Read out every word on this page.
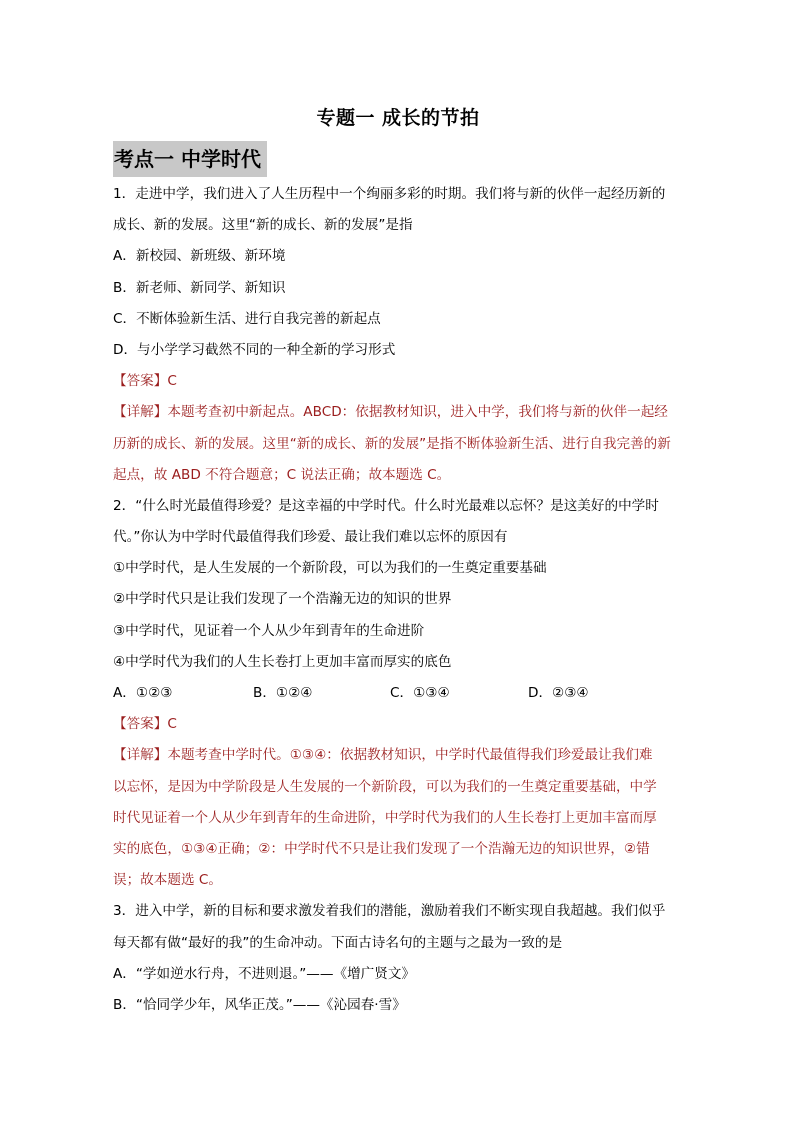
专题一 成长的节拍
考点一 中学时代
1．走进中学，我们进入了人生历程中一个绚丽多彩的时期。我们将与新的伙伴一起经历新的
成长、新的发展。这里“新的成长、新的发展”是指
A．新校园、新班级、新环境
B．新老师、新同学、新知识
C．不断体验新生活、进行自我完善的新起点
D．与小学学习截然不同的一种全新的学习形式
【答案】C
【详解】本题考查初中新起点。ABCD：依据教材知识，进入中学，我们将与新的伙伴一起经
历新的成长、新的发展。这里“新的成长、新的发展”是指不断体验新生活、进行自我完善的新
起点，故 ABD 不符合题意；C 说法正确；故本题选 C。
2．“什么时光最值得珍爱？是这幸福的中学时代。什么时光最难以忘怀？是这美好的中学时
代。”你认为中学时代最值得我们珍爱、最让我们难以忘怀的原因有
①中学时代，是人生发展的一个新阶段，可以为我们的一生奠定重要基础
②中学时代只是让我们发现了一个浩瀚无边的知识的世界
③中学时代，见证着一个人从少年到青年的生命进阶
④中学时代为我们的人生长卷打上更加丰富而厚实的底色
A．①②③	B．①②④	C．①③④	D．②③④
【答案】C
【详解】本题考查中学时代。①③④：依据教材知识，中学时代最值得我们珍爱最让我们难
以忘怀，是因为中学阶段是人生发展的一个新阶段，可以为我们的一生奠定重要基础，中学
时代见证着一个人从少年到青年的生命进阶，中学时代为我们的人生长卷打上更加丰富而厚
实的底色，①③④正确；②：中学时代不只是让我们发现了一个浩瀚无边的知识世界，②错
误；故本题选 C。
3．进入中学，新的目标和要求激发着我们的潜能，激励着我们不断实现自我超越。我们似乎
每天都有做“最好的我”的生命冲动。下面古诗名句的主题与之最为一致的是
A．“学如逆水行舟，不进则退。”——《增广贤文》
B．“恰同学少年，风华正茂。”——《沁园春·雪》
